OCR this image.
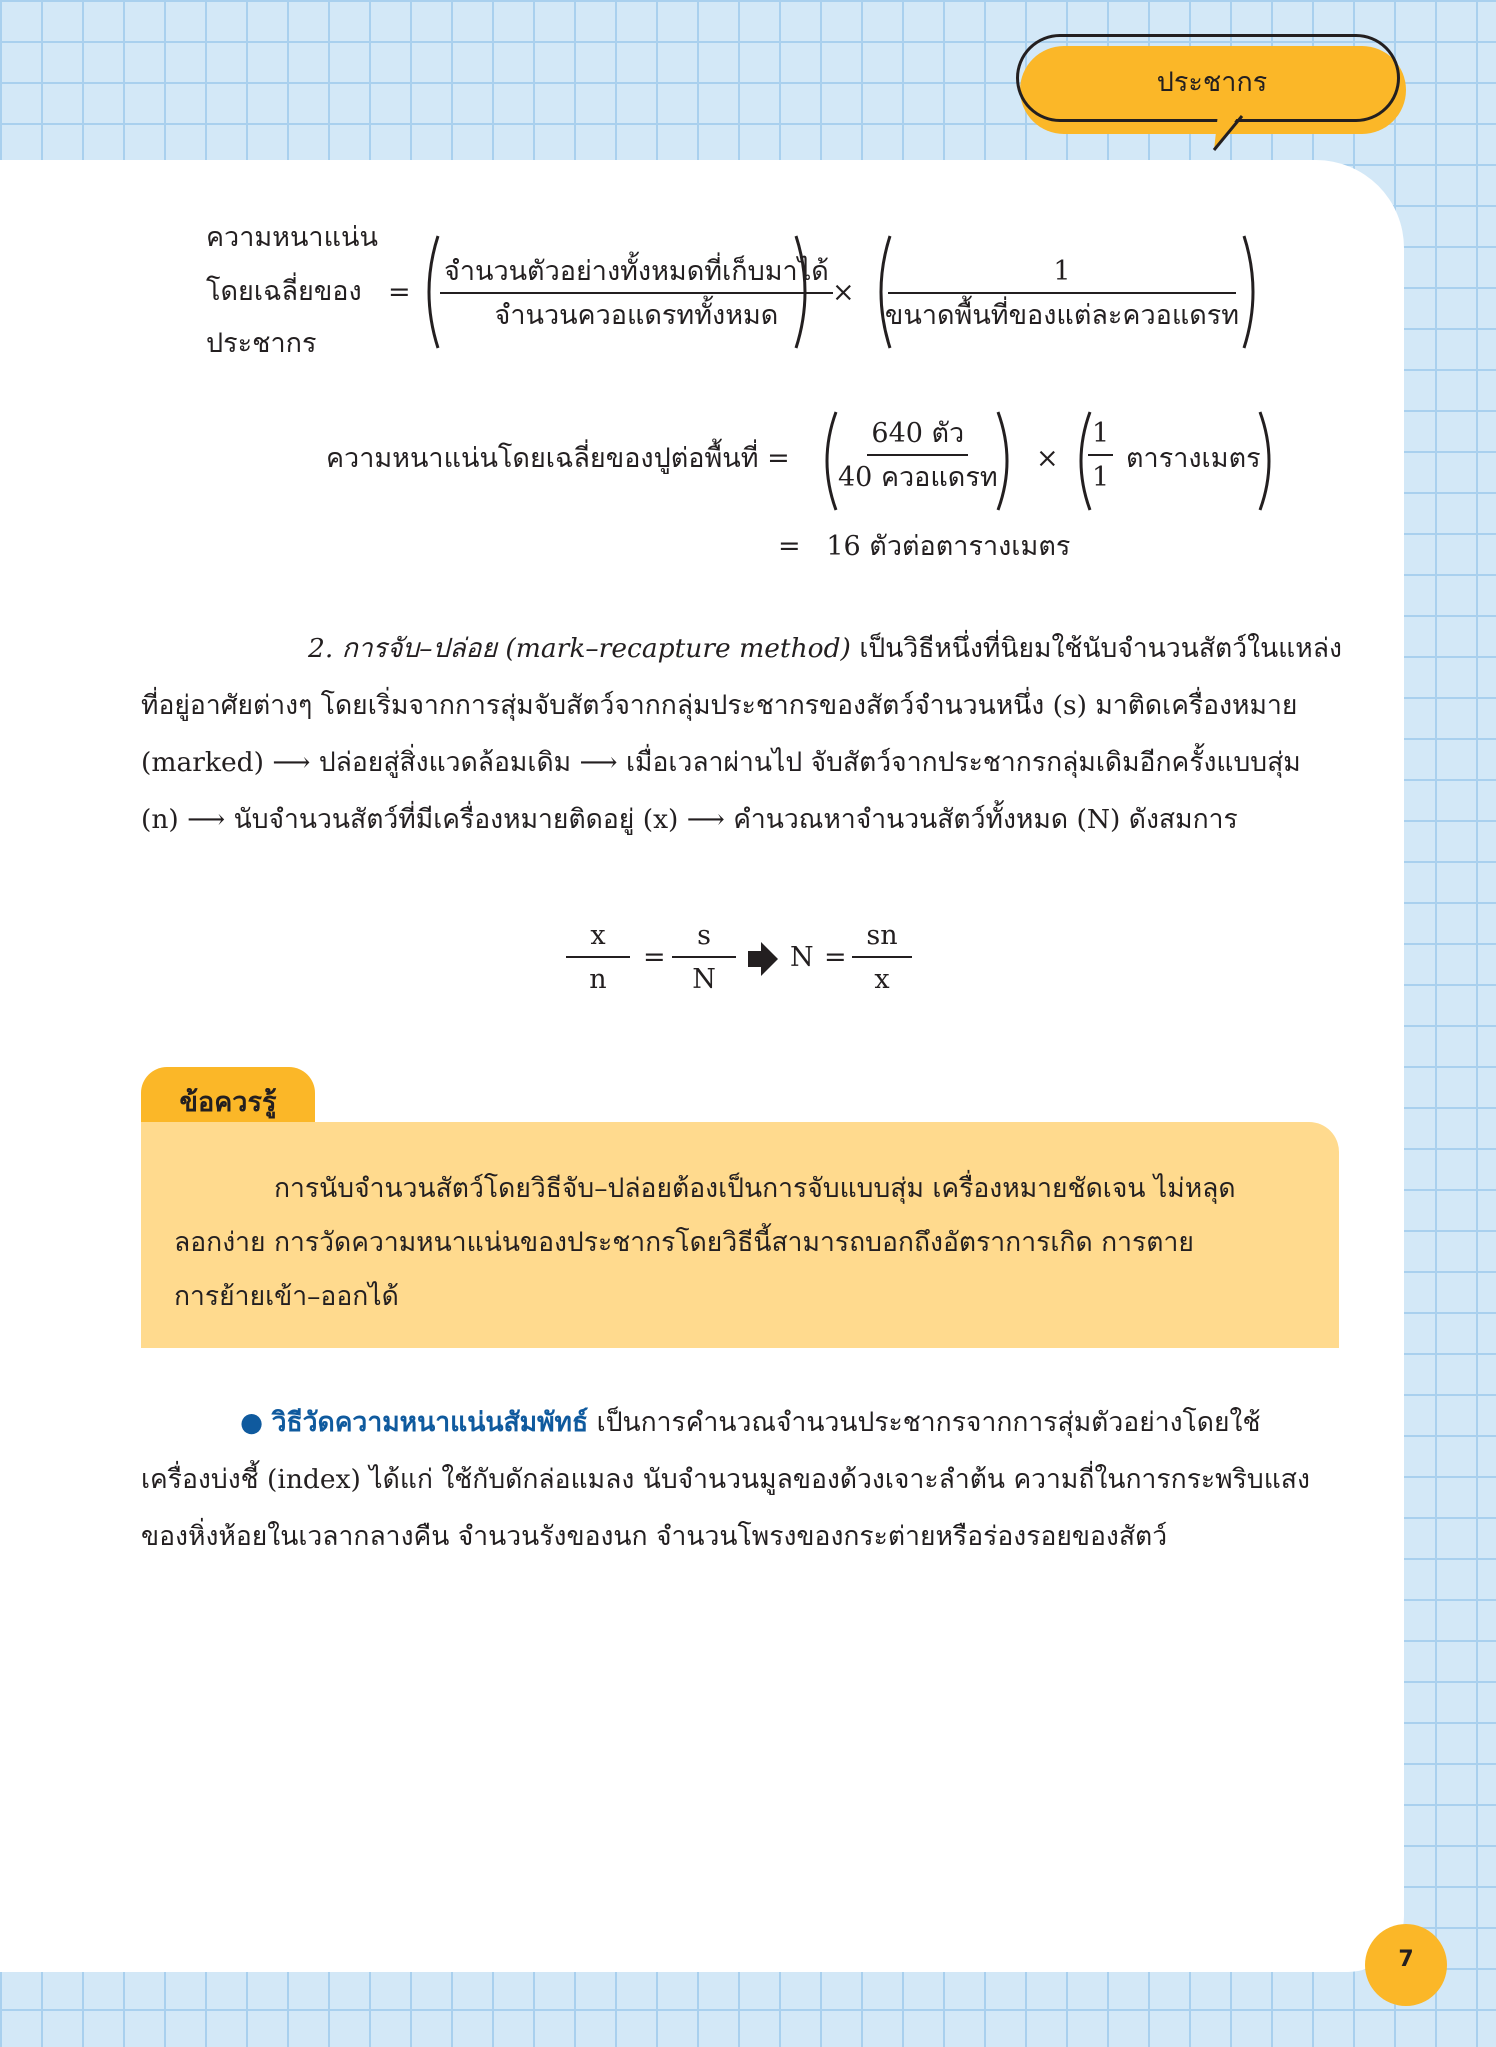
ประชากร
ความหนาแน่น
โดยเฉลี่ยของ
ประชากร
= $\frac{\text{จำนวนตัวอย่างทั้งหมดที่เก็บมาได้}}{\text{จำนวนควอแดรททั้งหมด}} \times \frac{1}{\text{ขนาดพื้นที่ของแต่ละควอแดรท}}$
ความหนาแน่นโดยเฉลี่ยของปูต่อพื้นที่ = $\frac{\text{640 ตัว}}{\text{40 ควอแดรท}} \times \frac{1}{1}$ ตารางเมตร
=   16 ตัวต่อตารางเมตร
2. การจับ–ปล่อย (mark–recapture method) เป็นวิธีหนึ่งที่นิยมใช้นับจำนวนสัตว์ในแหล่ง
ที่อยู่อาศัยต่างๆ โดยเริ่มจากการสุ่มจับสัตว์จากกลุ่มประชากรของสัตว์จำนวนหนึ่ง (s) มาติดเครื่องหมาย
(marked) ⟶ ปล่อยสู่สิ่งแวดล้อมเดิม ⟶ เมื่อเวลาผ่านไป จับสัตว์จากประชากรกลุ่มเดิมอีกครั้งแบบสุ่ม
(n) ⟶ นับจำนวนสัตว์ที่มีเครื่องหมายติดอยู่ (x) ⟶ คำนวณหาจำนวนสัตว์ทั้งหมด (N) ดังสมการ
$\frac{x}{n} = \frac{s}{N}$ $N = \frac{sn}{x}$
ข้อควรรู้
การนับจำนวนสัตว์โดยวิธีจับ–ปล่อยต้องเป็นการจับแบบสุ่ม เครื่องหมายชัดเจน ไม่หลุด
ลอกง่าย การวัดความหนาแน่นของประชากรโดยวิธีนี้สามารถบอกถึงอัตราการเกิด การตาย
การย้ายเข้า–ออกได้
● วิธีวัดความหนาแน่นสัมพัทธ์ เป็นการคำนวณจำนวนประชากรจากการสุ่มตัวอย่างโดยใช้
เครื่องบ่งชี้ (index) ได้แก่ ใช้กับดักล่อแมลง นับจำนวนมูลของด้วงเจาะลำต้น ความถี่ในการกระพริบแสง
ของหิ่งห้อยในเวลากลางคืน จำนวนรังของนก จำนวนโพรงของกระต่ายหรือร่องรอยของสัตว์
7
